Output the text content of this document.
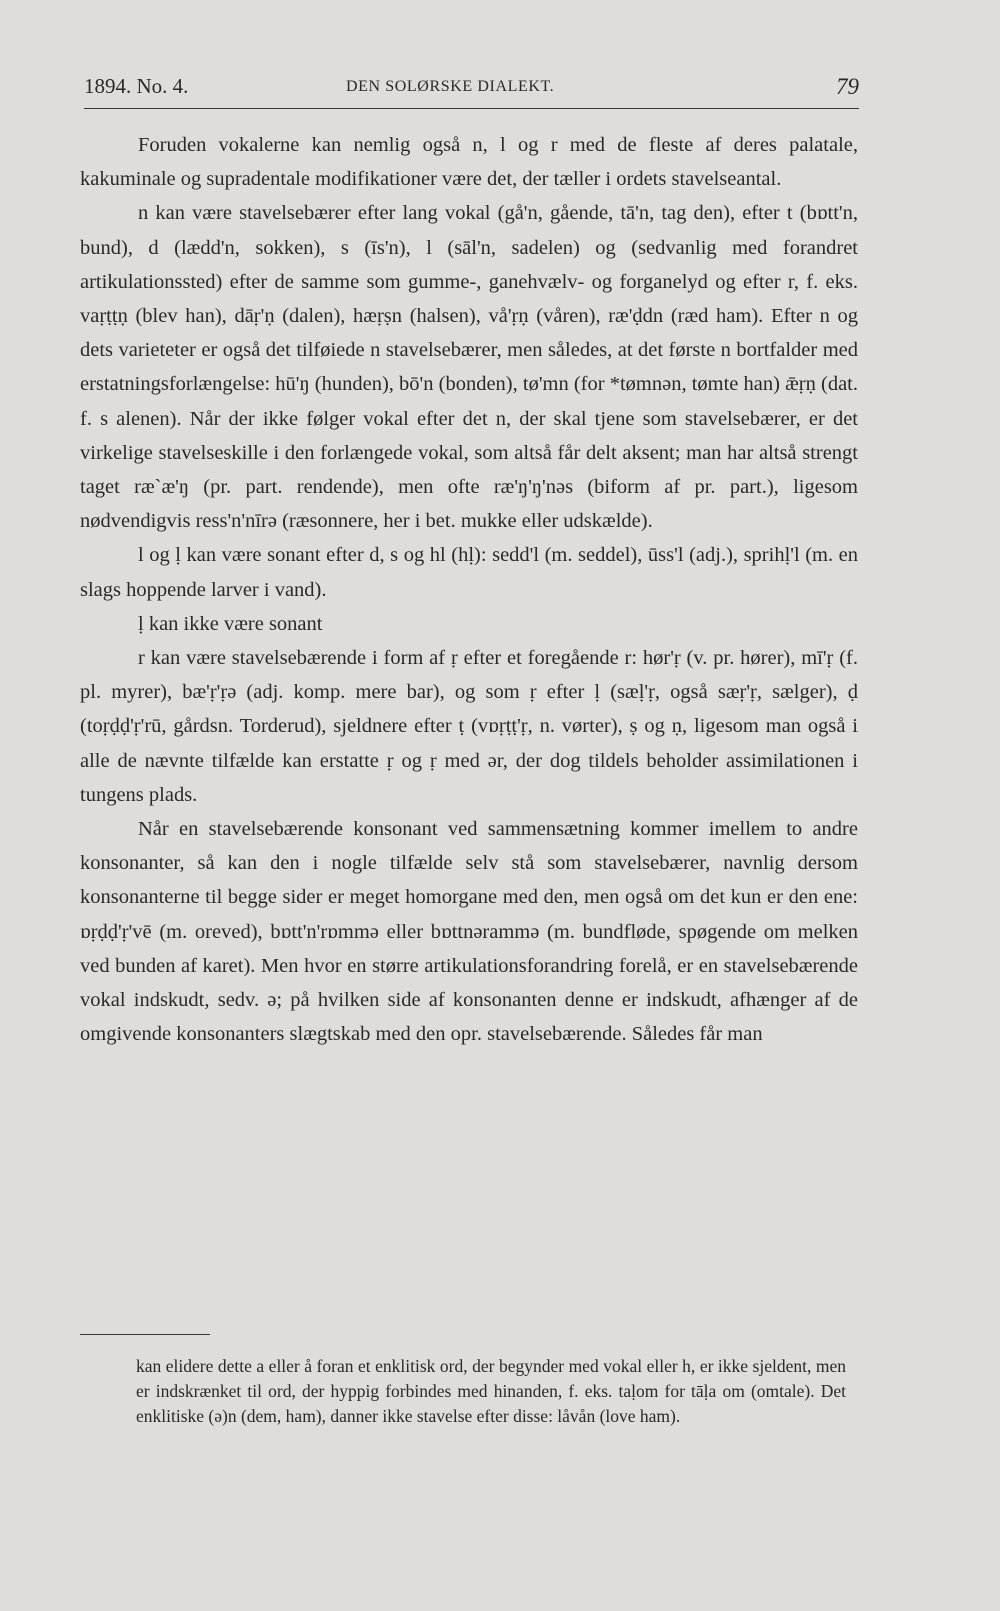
1894. No. 4.	DEN SOLØRSKE DIALEKT.	79

Foruden vokalerne kan nemlig også n, l og r med de fleste af deres palatale, kakuminale og supradentale modifikationer være det, der tæller i ordets stavelseantal.

n kan være stavelsebærer efter lang vokal (gå'n, gående, tā'n, tag den), efter t (bɒtt'n, bund), d (lædd'n, sokken), s (īs'n), l (sāl'n, sadelen) og (sedvanlig med forandret artikulationssted) efter de samme som gumme-, ganehvælv- og forganelyd og efter r, f. eks. vaṛṭṭṇ (blev han), dāṛ'ṇ (dalen), hæṛṣn (halsen), vå'ṛṇ (våren), ræ'ḍdn (ræd ham). Efter n og dets varieteter er også det tilføiede n stavelsebærer, men således, at det første n bortfalder med erstatningsforlængelse: hū'ŋ (hunden), bō'n (bonden), tø'mn (for *tømnən, tømte han) ǣṛṇ (dat. f. s alenen). Når der ikke følger vokal efter det n, der skal tjene som stavelsebærer, er det virkelige stavelseskille i den forlængede vokal, som altså får delt aksent; man har altså strengt taget ræ`æ'ŋ (pr. part. rendende), men ofte ræ'ŋ'ŋ'nəs (biform af pr. part.), ligesom nødvendigvis ress'n'nīrə (ræsonnere, her i bet. mukke eller udskælde).

l og ḷ kan være sonant efter d, s og hl (hḷ): sedd'l (m. seddel), ūss'l (adj.), sprihḷ'l (m. en slags hoppende larver i vand).

ḷ kan ikke være sonant

r kan være stavelsebærende i form af ṛ efter et foregående r: hør'ṛ (v. pr. hører), mī'ṛ (f. pl. myrer), bæ'ṛ'ṛə (adj. komp. mere bar), og som ṛ efter ḷ (sæḷ'ṛ, også sæṛ'ṛ, sælger), ḍ (toṛḍḍ'ṛ'rū, gårdsn. Torderud), sjeldnere efter ṭ (vɒṛṭṭ'ṛ, n. vørter), ṣ og ṇ, ligesom man også i alle de nævnte tilfælde kan erstatte ṛ og ṛ med ər, der dog tildels beholder assimilationen i tungens plads.

Når en stavelsebærende konsonant ved sammensætning kommer imellem to andre konsonanter, så kan den i nogle tilfælde selv stå som stavelsebærer, navnlig dersom konsonanterne til begge sider er meget homorgane med den, men også om det kun er den ene: ɒṛḍḍ'ṛ'vē (m. oreved), bɒtt'n'rɒmmə eller bɒttnərammə (m. bundfløde, spøgende om melken ved bunden af karet). Men hvor en større artikulationsforandring forelå, er en stavelsebærende vokal indskudt, sedv. ə; på hvilken side af konsonanten denne er indskudt, afhænger af de omgivende konsonanters slægtskab med den opr. stavelsebærende. Således får man

kan elidere dette a eller å foran et enklitisk ord, der begynder med vokal eller h, er ikke sjeldent, men er indskrænket til ord, der hyppig forbindes med hinanden, f. eks. taḷom for tāḷa om (omtale). Det enklitiske (ə)n (dem, ham), danner ikke stavelse efter disse: låvån (love ham).
